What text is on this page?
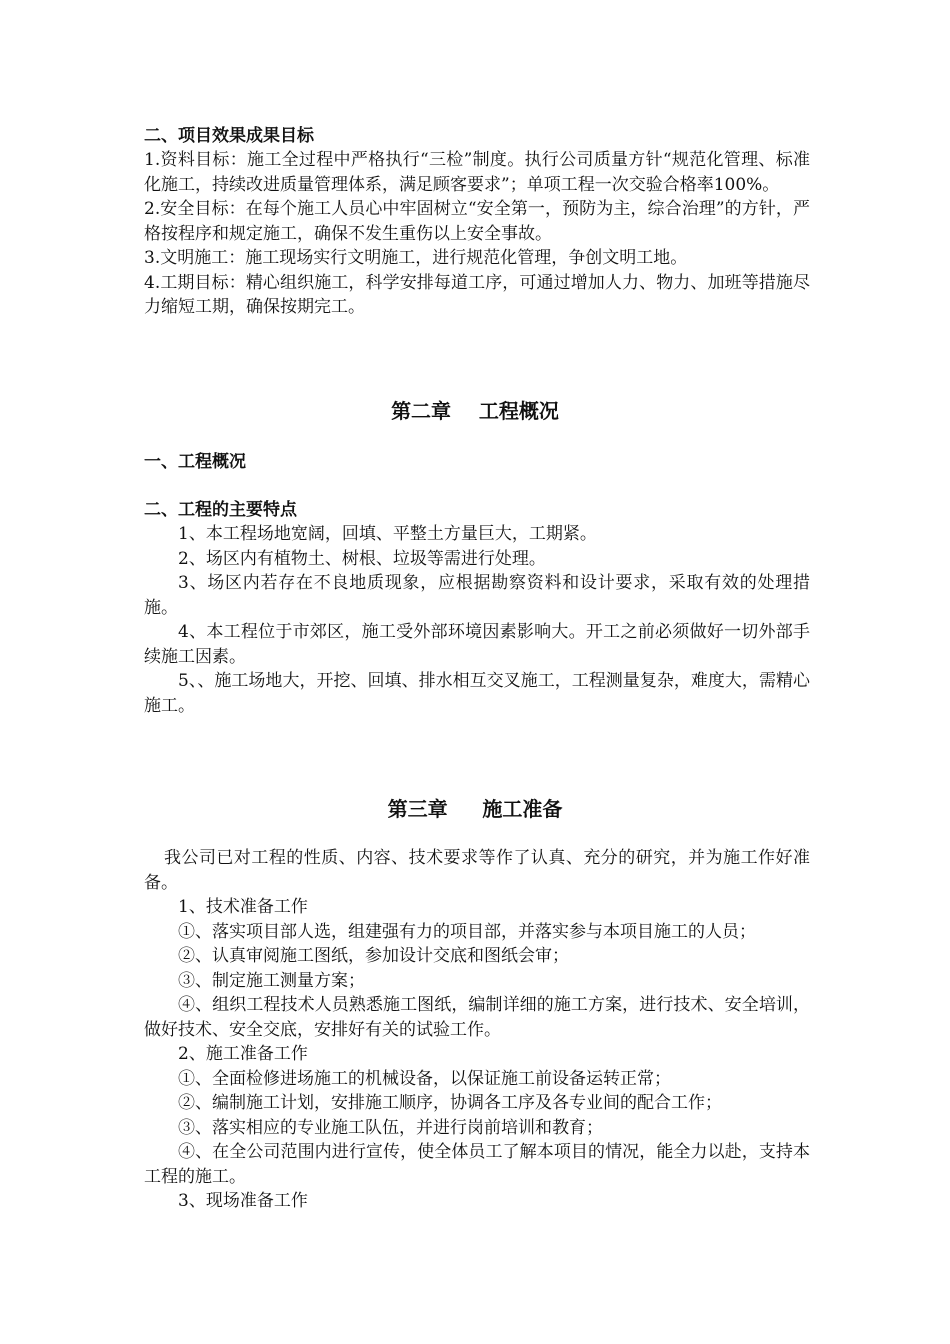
二、项目效果成果目标

1.资料目标：施工全过程中严格执行“三检”制度。执行公司质量方针“规范化管理、标准化施工，持续改进质量管理体系，满足顾客要求”；单项工程一次交验合格率100%。

2.安全目标：在每个施工人员心中牢固树立“安全第一，预防为主，综合治理”的方针，严格按程序和规定施工，确保不发生重伤以上安全事故。

3.文明施工：施工现场实行文明施工，进行规范化管理，争创文明工地。

4.工期目标：精心组织施工，科学安排每道工序，可通过增加人力、物力、加班等措施尽力缩短工期，确保按期完工。

第二章    工程概况

一、工程概况

二、工程的主要特点

1、本工程场地宽阔，回填、平整土方量巨大，工期紧。

2、场区内有植物土、树根、垃圾等需进行处理。

3、场区内若存在不良地质现象，应根据勘察资料和设计要求，采取有效的处理措施。

4、本工程位于市郊区，施工受外部环境因素影响大。开工之前必须做好一切外部手续施工因素。

5、、施工场地大，开挖、回填、排水相互交叉施工，工程测量复杂，难度大，需精心施工。

第三章     施工准备

我公司已对工程的性质、内容、技术要求等作了认真、充分的研究，并为施工作好准备。

1、技术准备工作

①、落实项目部人选，组建强有力的项目部，并落实参与本项目施工的人员；

②、认真审阅施工图纸，参加设计交底和图纸会审；

③、制定施工测量方案；

④、组织工程技术人员熟悉施工图纸，编制详细的施工方案，进行技术、安全培训，做好技术、安全交底，安排好有关的试验工作。

2、施工准备工作

①、全面检修进场施工的机械设备，以保证施工前设备运转正常；

②、编制施工计划，安排施工顺序，协调各工序及各专业间的配合工作；

③、落实相应的专业施工队伍，并进行岗前培训和教育；

④、在全公司范围内进行宣传，使全体员工了解本项目的情况，能全力以赴，支持本工程的施工。

3、现场准备工作
